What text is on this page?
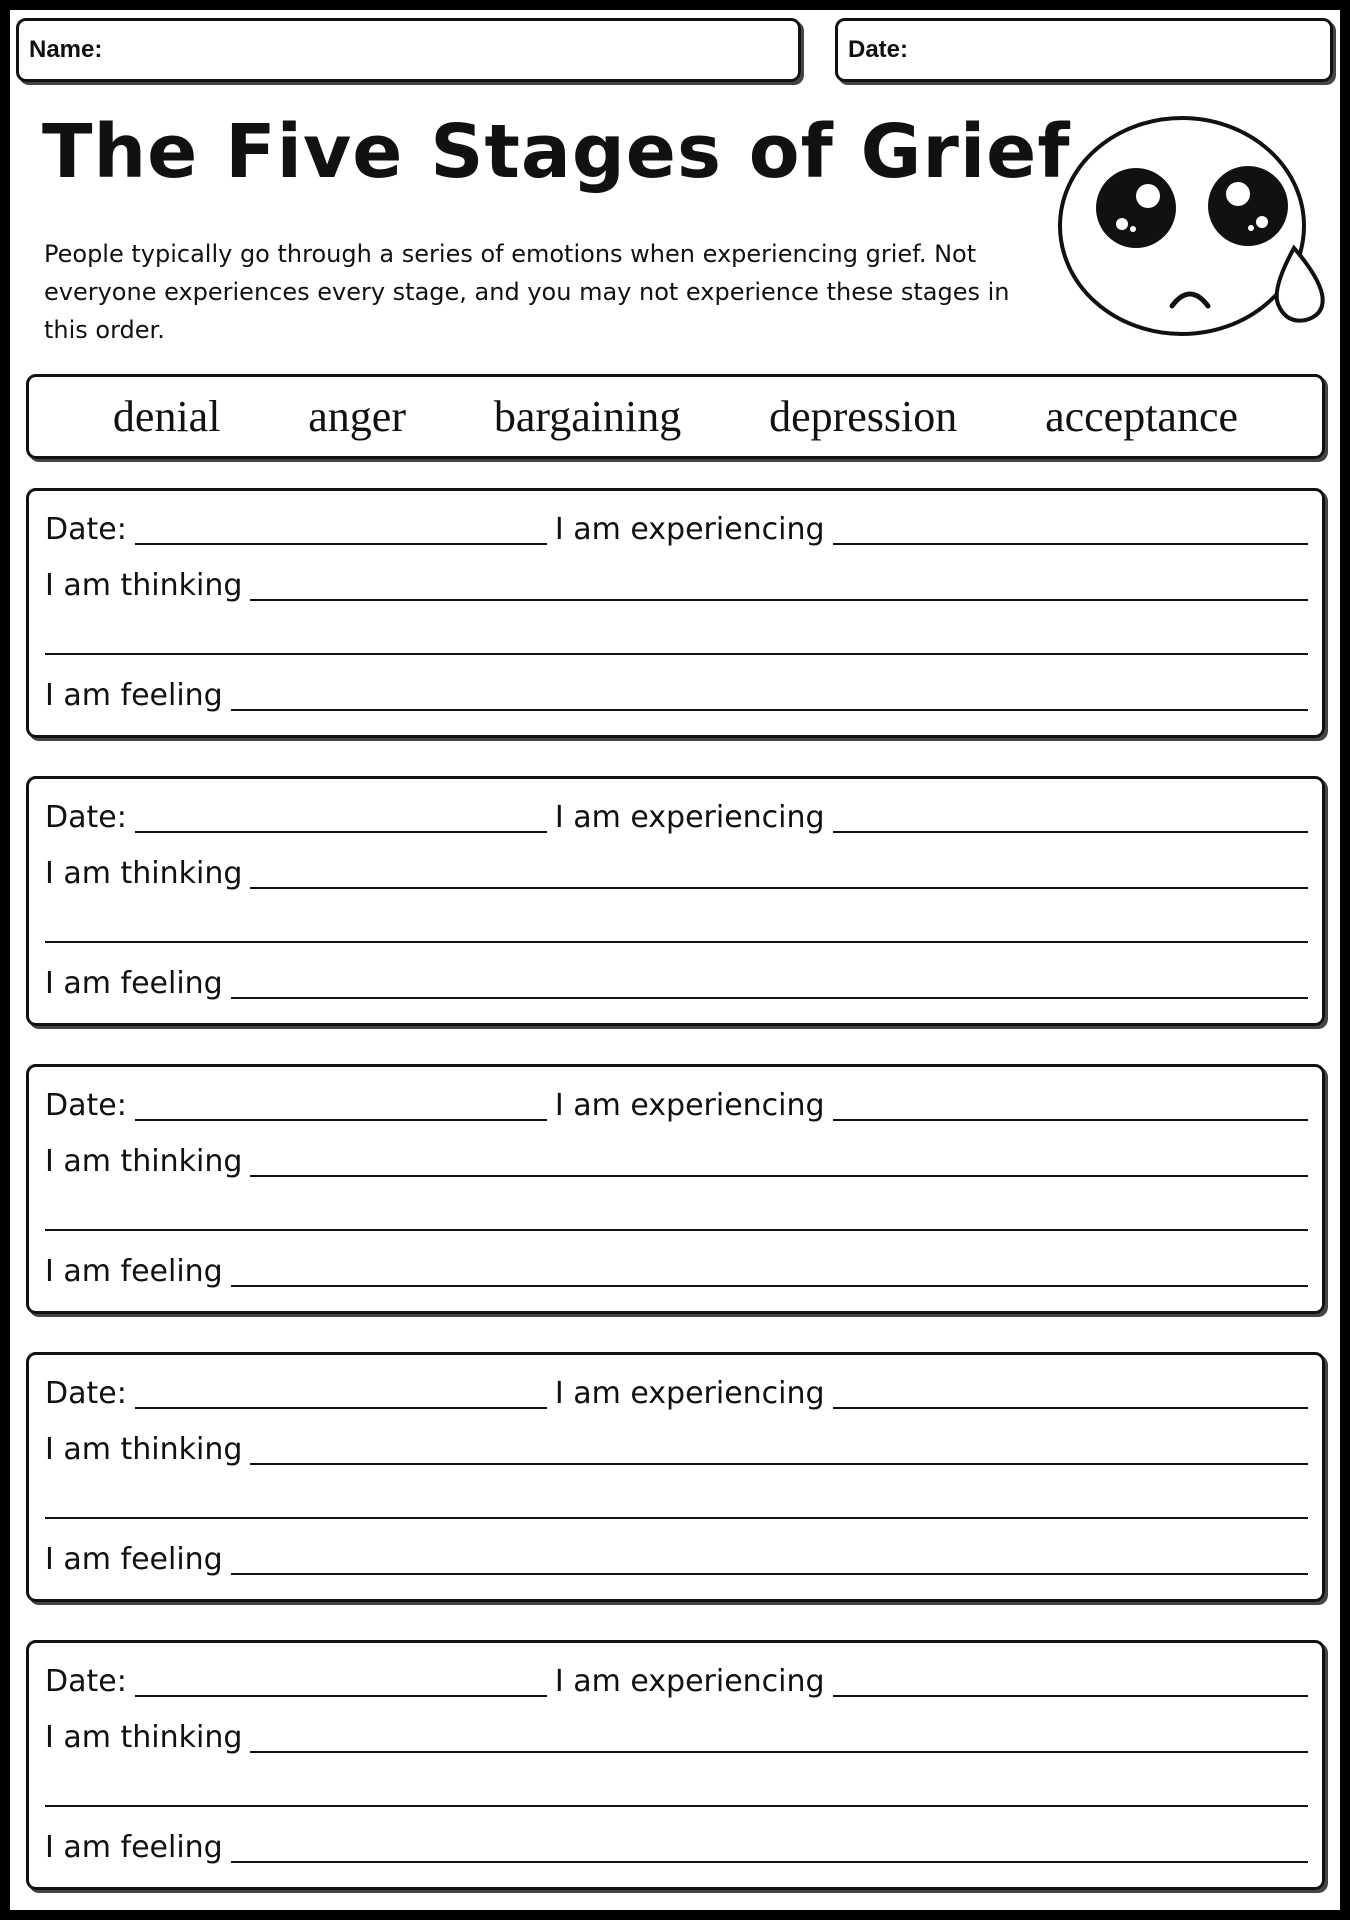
Name:	Date:
The Five Stages of Grief

People typically go through a series of emotions when experiencing grief. Not everyone experiences every stage, and you may not experience these stages in this order.

denial anger bargaining depression acceptance
Date:	I am experiencing
I am thinking
I am feeling
Date:	I am experiencing
I am thinking
I am feeling
Date:	I am experiencing
I am thinking
I am feeling
Date:	I am experiencing
I am thinking
I am feeling
Date:	I am experiencing
I am thinking
I am feeling
